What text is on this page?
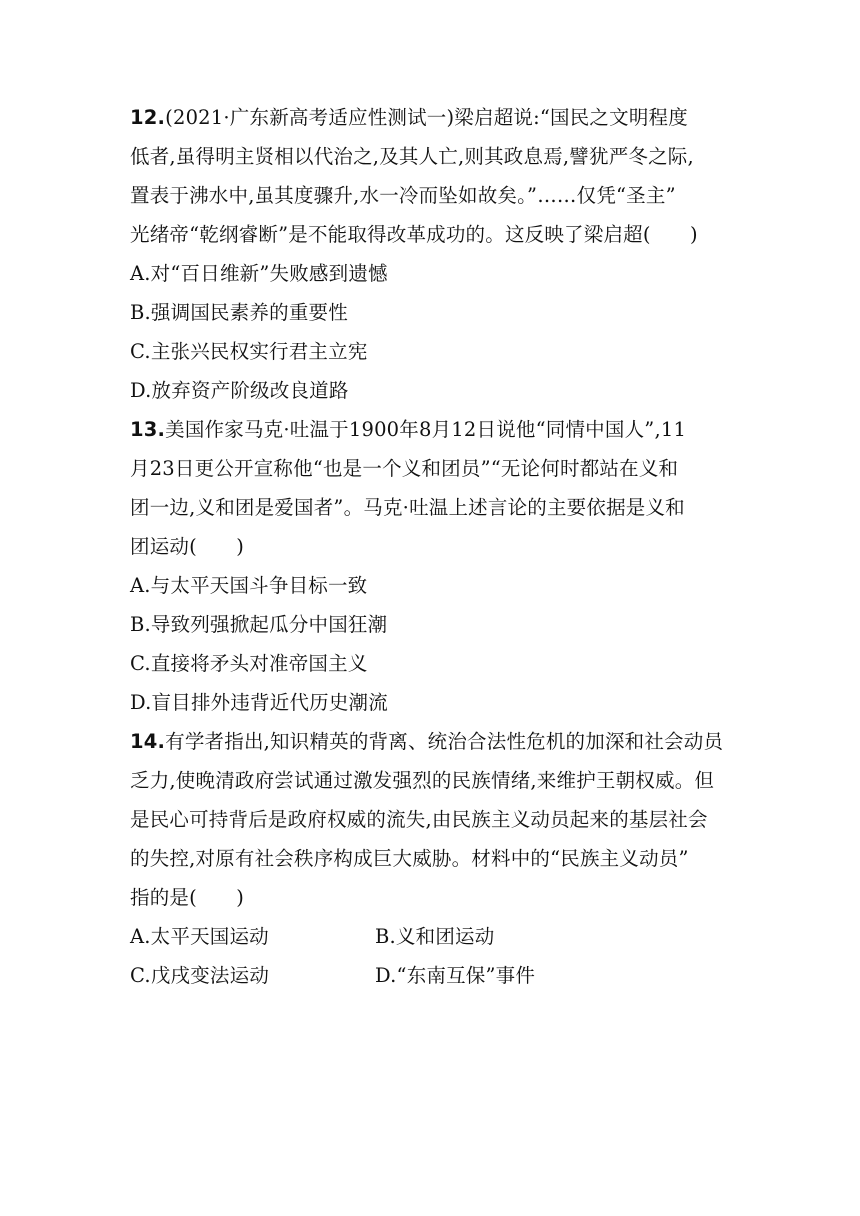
12.(2021·广东新高考适应性测试一)梁启超说:“国民之文明程度
低者,虽得明主贤相以代治之,及其人亡,则其政息焉,譬犹严冬之际,
置表于沸水中,虽其度骤升,水一冷而坠如故矣。”……仅凭“圣主”
光绪帝“乾纲睿断”是不能取得改革成功的。这反映了梁启超(　　)
A.对“百日维新”失败感到遗憾
B.强调国民素养的重要性
C.主张兴民权实行君主立宪
D.放弃资产阶级改良道路
13.美国作家马克·吐温于1900年8月12日说他“同情中国人”,11
月23日更公开宣称他“也是一个义和团员”“无论何时都站在义和
团一边,义和团是爱国者”。马克·吐温上述言论的主要依据是义和
团运动(　　)
A.与太平天国斗争目标一致
B.导致列强掀起瓜分中国狂潮
C.直接将矛头对准帝国主义
D.盲目排外违背近代历史潮流
14.有学者指出,知识精英的背离、统治合法性危机的加深和社会动员
乏力,使晚清政府尝试通过激发强烈的民族情绪,来维护王朝权威。但
是民心可持背后是政府权威的流失,由民族主义动员起来的基层社会
的失控,对原有社会秩序构成巨大威胁。材料中的“民族主义动员”
指的是(　　)
A.太平天国运动	B.义和团运动
C.戊戌变法运动	D.“东南互保”事件
